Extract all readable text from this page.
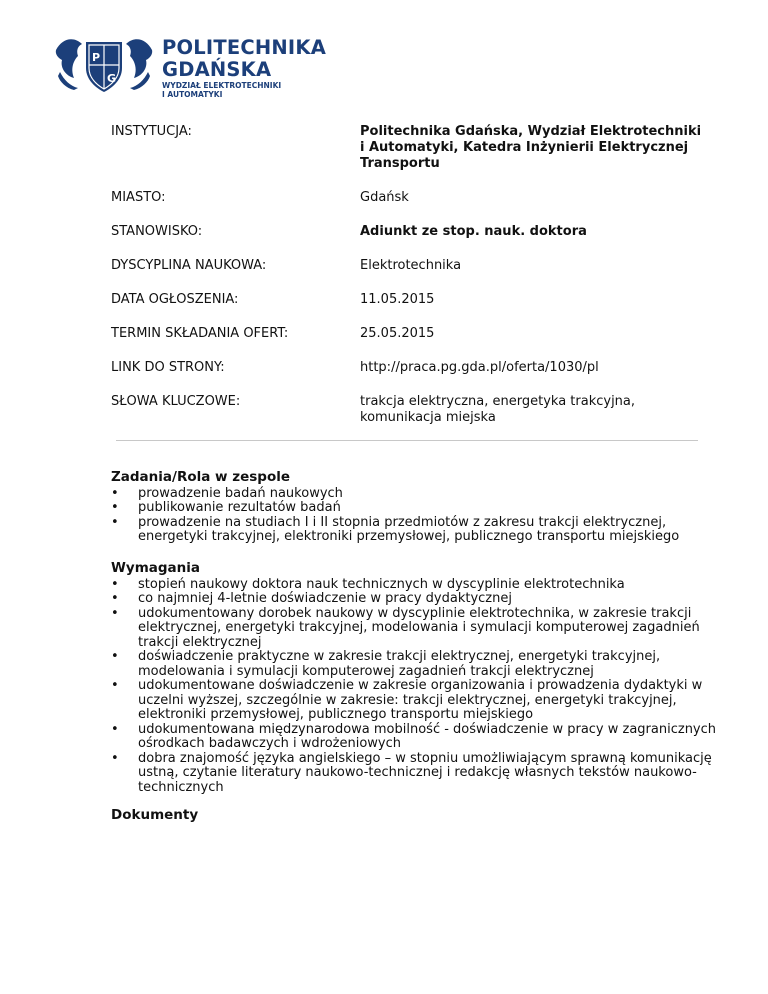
P
G
POLITECHNIKA
GDAŃSKA
WYDZIAŁ ELEKTROTECHNIKI
I AUTOMATYKI
INSTYTUCJA:	Politechnika Gdańska, Wydział Elektrotechniki i Automatyki, Katedra Inżynierii Elektrycznej Transportu
MIASTO:	Gdańsk
STANOWISKO:	Adiunkt ze stop. nauk. doktora
DYSCYPLINA NAUKOWA:	Elektrotechnika
DATA OGŁOSZENIA:	11.05.2015
TERMIN SKŁADANIA OFERT:	25.05.2015
LINK DO STRONY:	http://praca.pg.gda.pl/oferta/1030/pl
SŁOWA KLUCZOWE:	trakcja elektryczna, energetyka trakcyjna, komunikacja miejska
Zadania/Rola w zespole
• prowadzenie badań naukowych
• publikowanie rezultatów badań
• prowadzenie na studiach I i II stopnia przedmiotów z zakresu trakcji elektrycznej, energetyki trakcyjnej, elektroniki przemysłowej, publicznego transportu miejskiego
Wymagania
• stopień naukowy doktora nauk technicznych w dyscyplinie elektrotechnika
• co najmniej 4-letnie doświadczenie w pracy dydaktycznej
• udokumentowany dorobek naukowy w dyscyplinie elektrotechnika, w zakresie trakcji elektrycznej, energetyki trakcyjnej, modelowania i symulacji komputerowej zagadnień trakcji elektrycznej
• doświadczenie praktyczne w zakresie trakcji elektrycznej, energetyki trakcyjnej, modelowania i symulacji komputerowej zagadnień trakcji elektrycznej
• udokumentowane doświadczenie w zakresie organizowania i prowadzenia dydaktyki w uczelni wyższej, szczególnie w zakresie: trakcji elektrycznej, energetyki trakcyjnej, elektroniki przemysłowej, publicznego transportu miejskiego
• udokumentowana międzynarodowa mobilność - doświadczenie w pracy w zagranicznych ośrodkach badawczych i wdrożeniowych
• dobra znajomość języka angielskiego – w stopniu umożliwiającym sprawną komunikację ustną, czytanie literatury naukowo-technicznej i redakcję własnych tekstów naukowo-technicznych
Dokumenty
